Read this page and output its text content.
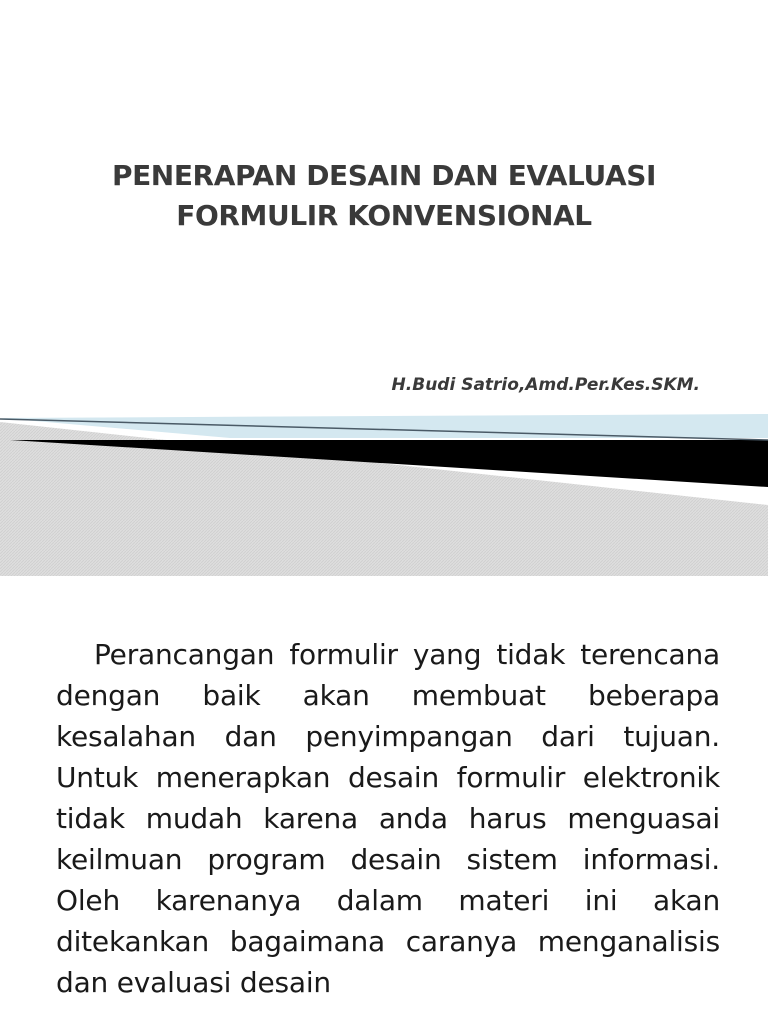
PENERAPAN DESAIN DAN EVALUASI
FORMULIR KONVENSIONAL
H.Budi Satrio,Amd.Per.Kes.SKM.

Perancangan formulir yang tidak terencana dengan baik akan membuat beberapa kesalahan dan penyimpangan dari tujuan. Untuk menerapkan desain formulir elektronik tidak mudah karena anda harus menguasai keilmuan program desain sistem informasi. Oleh karenanya dalam materi ini akan ditekankan bagaimana caranya menganalisis dan evaluasi desain
